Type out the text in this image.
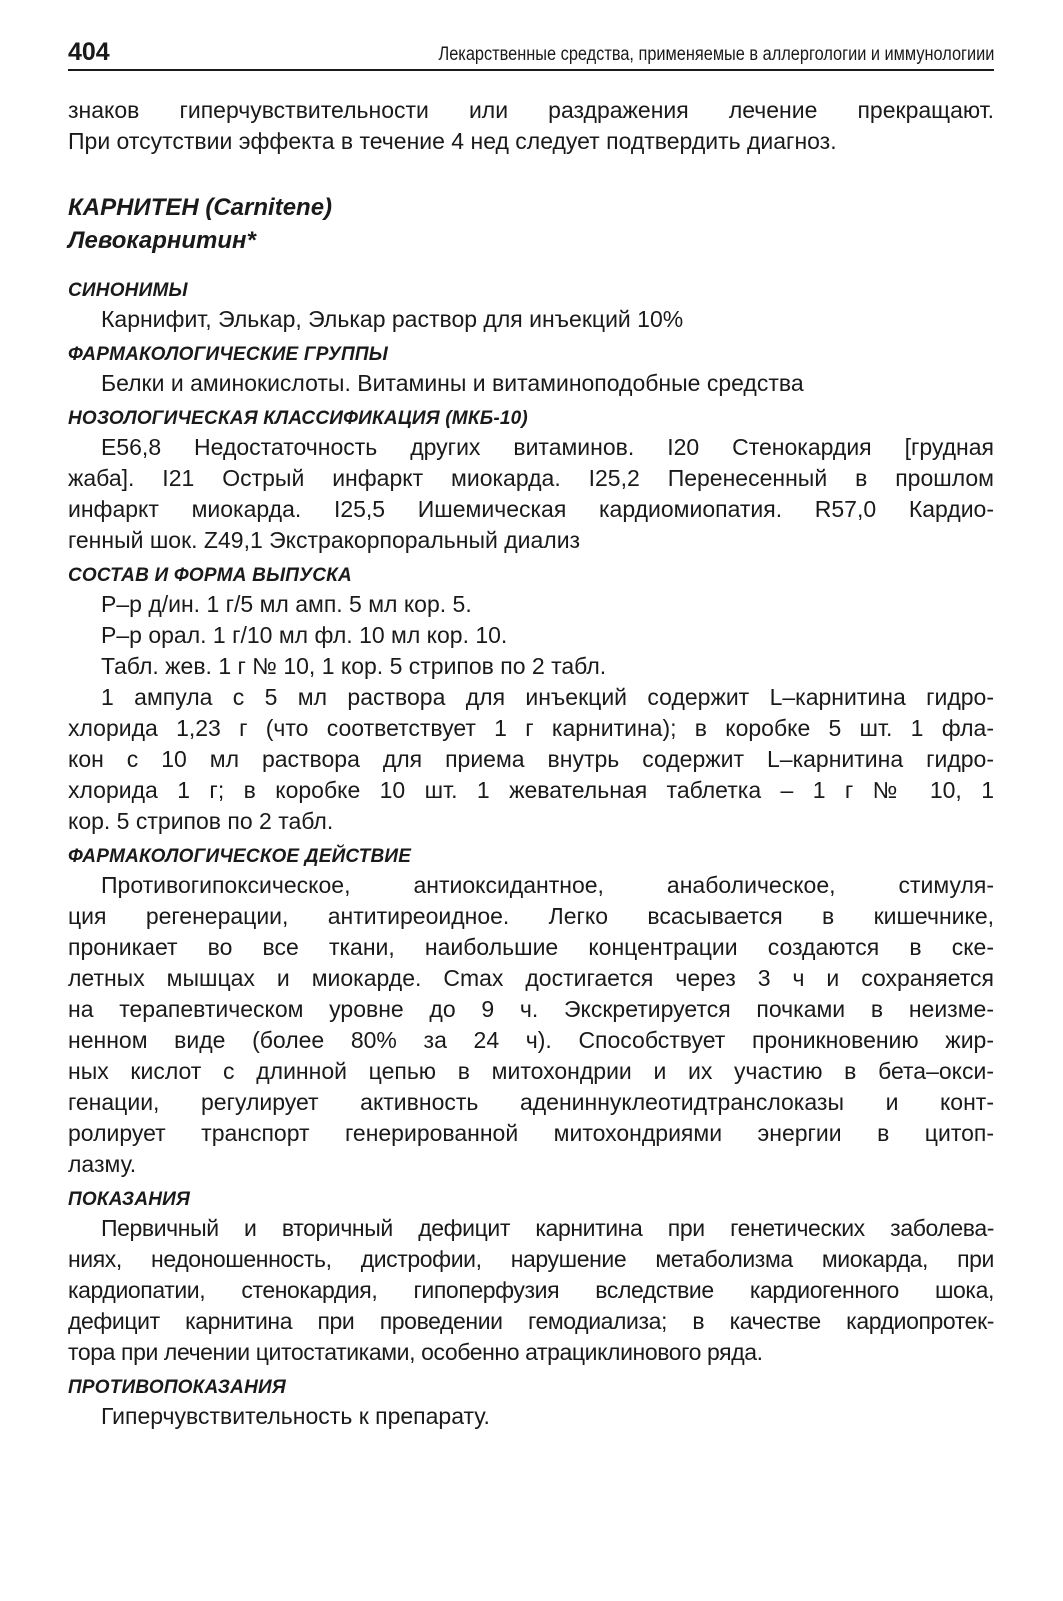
404	Лекарственные средства, применяемые в аллергологии и иммунологиии
знаков гиперчувствительности или раздражения лечение прекращают.
При отсутствии эффекта в течение 4 нед следует подтвердить диагноз.
КАРНИТЕН (Carnitene)
Левокарнитин*
СИНОНИМЫ
Карнифит, Элькар, Элькар раствор для инъекций 10%
ФАРМАКОЛОГИЧЕСКИЕ ГРУППЫ
Белки и аминокислоты. Витамины и витаминоподобные средства
НОЗОЛОГИЧЕСКАЯ КЛАССИФИКАЦИЯ (МКБ-10)
E56,8 Недостаточность других витаминов. I20 Стенокардия [грудная
жаба]. I21 Острый инфаркт миокарда. I25,2 Перенесенный в прошлом
инфаркт миокарда. I25,5 Ишемическая кардиомиопатия. R57,0 Кардио-
генный шок. Z49,1 Экстракорпоральный диализ
СОСТАВ И ФОРМА ВЫПУСКА
Р–р д/ин. 1 г/5 мл амп. 5 мл кор. 5.
Р–р орал. 1 г/10 мл фл. 10 мл кор. 10.
Табл. жев. 1 г № 10, 1 кор. 5 стрипов по 2 табл.
1 ампула с 5 мл раствора для инъекций содержит L–карнитина гидро-
хлорида 1,23 г (что соответствует 1 г карнитина); в коробке 5 шт. 1 фла-
кон с 10 мл раствора для приема внутрь содержит L–карнитина гидро-
хлорида 1 г; в коробке 10 шт. 1 жевательная таблетка – 1 г № 10, 1
кор. 5 стрипов по 2 табл.
ФАРМАКОЛОГИЧЕСКОЕ ДЕЙСТВИЕ
Противогипоксическое, антиоксидантное, анаболическое, стимуля-
ция регенерации, антитиреоидное. Легко всасывается в кишечнике,
проникает во все ткани, наибольшие концентрации создаются в ске-
летных мышцах и миокарде. Cmax достигается через 3 ч и сохраняется
на терапевтическом уровне до 9 ч. Экскретируется почками в неизме-
ненном виде (более 80% за 24 ч). Способствует проникновению жир-
ных кислот с длинной цепью в митохондрии и их участию в бета–окси-
генации, регулирует активность адениннуклеотидтранслоказы и конт-
ролирует транспорт генерированной митохондриями энергии в цитоп-
лазму.
ПОКАЗАНИЯ
Первичный и вторичный дефицит карнитина при генетических заболева-
ниях, недоношенность, дистрофии, нарушение метаболизма миокарда, при
кардиопатии, стенокардия, гипоперфузия вследствие кардиогенного шока,
дефицит карнитина при проведении гемодиализа; в качестве кардиопротек-
тора при лечении цитостатиками, особенно атрациклинового ряда.
ПРОТИВОПОКАЗАНИЯ
Гиперчувствительность к препарату.
